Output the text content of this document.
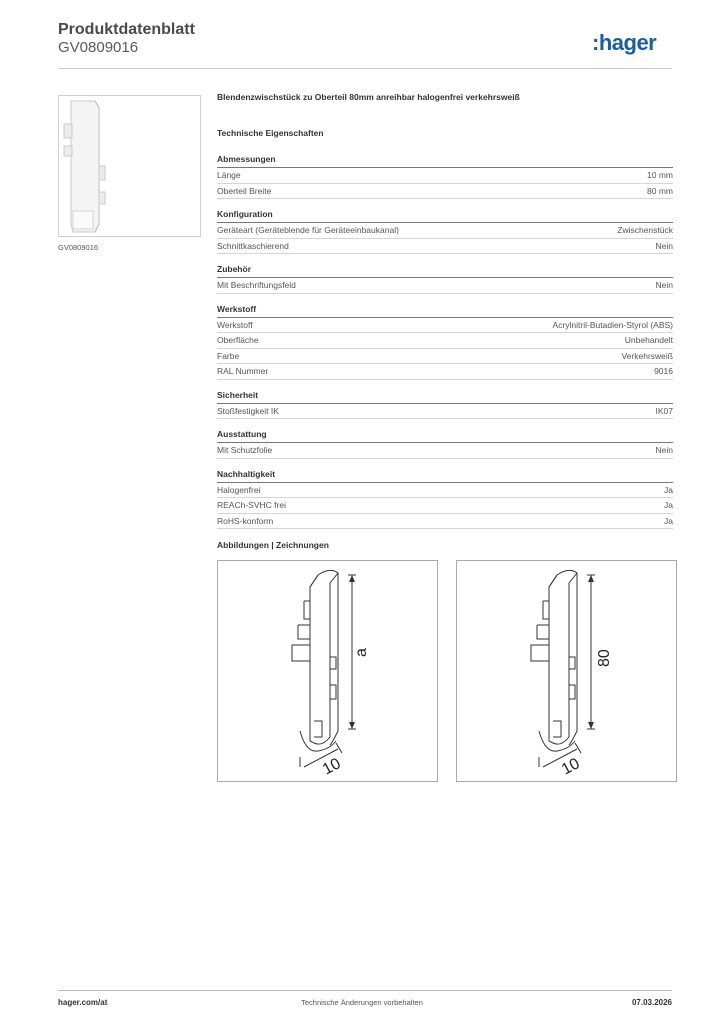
Produktdatenblatt
GV0809016	:hager
GV0809016
Blendenzwischstück zu Oberteil 80mm anreihbar halogenfrei verkehrsweiß
Technische Eigenschaften
Abmessungen
Länge	10 mm
Oberteil Breite	80 mm
Konfiguration
Geräteart (Geräteblende für Geräteeinbaukanal)	Zwischenstück
Schnittkaschierend	Nein
Zubehör
Mit Beschriftungsfeld	Nein
Werkstoff
Werkstoff	Acrylnitril-Butadien-Styrol (ABS)
Oberfläche	Unbehandelt
Farbe	Verkehrsweiß
RAL Nummer	9016
Sicherheit
Stoßfestigkeit IK	IK07
Ausstattung
Mit Schutzfolie	Nein
Nachhaltigkeit
Halogenfrei	Ja
REACh-SVHC frei	Ja
RoHS-konform	Ja
Abbildungen | Zeichnungen
a
10
80
10
hager.com/at	Technische Änderungen vorbehalten	07.03.2026
